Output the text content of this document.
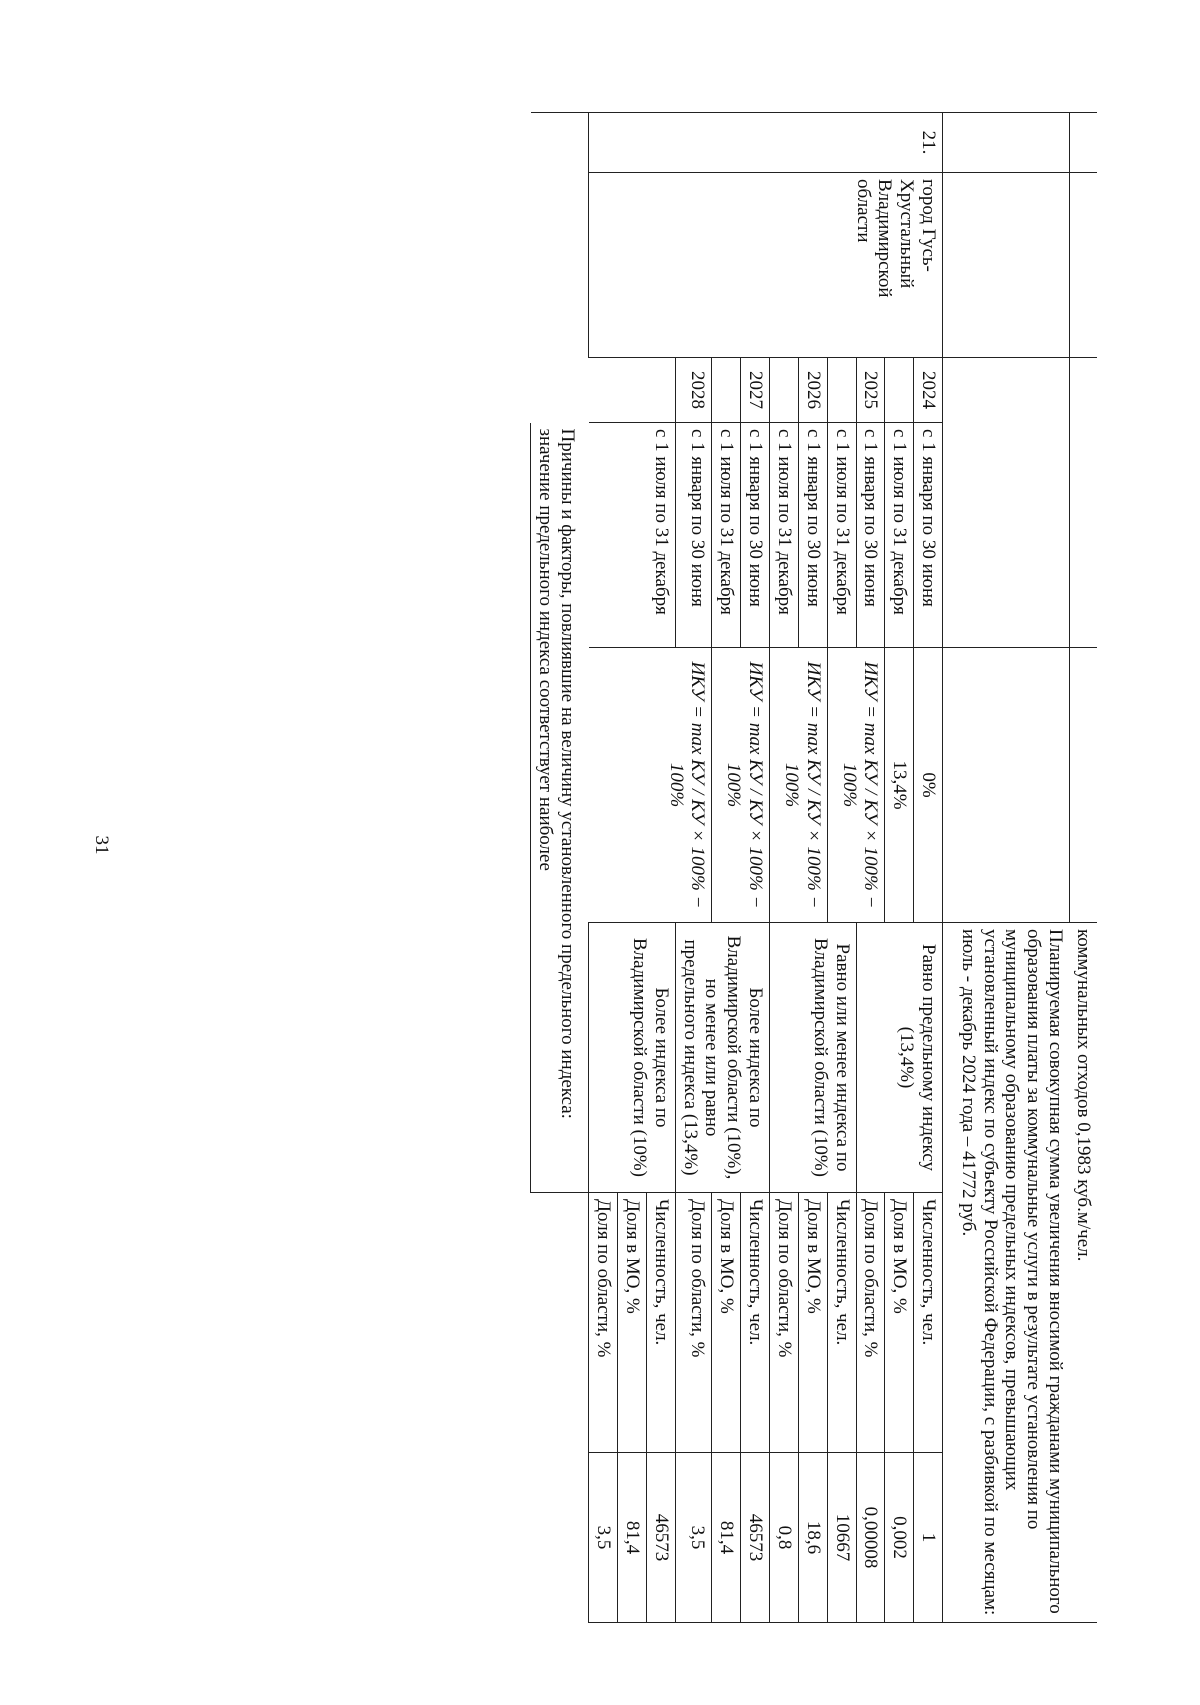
31

					коммунальных отходов 0,1983 куб.м/чел.		

					Планируемая совокупная сумма увеличения вносимой гражданами муниципального образования платы за коммунальные услуги в результате установления по муниципальному образованию предельных индексов, превышающих установленный индекс по субъекту Российской Федерации, с разбивкой по месяцам: июль - декабрь 2024 года – 41772 руб.		

21.	город Гусь-Хрустальный Владимирской области	2024	с 1 января по 30 июня	0%	Равно предельному индексу (13,4%)	Численность, чел.	1
			с 1 июля по 31 декабря	13,4%		Доля в МО, %	0,002
		2025	с 1 января по 30 июня	ИКУ = max КУ / КУ × 100% − 100%		Доля по области, %	0,00008
			с 1 июля по 31 декабря		Равно или менее индекса по Владимирской области (10%)	Численность, чел.	10667
		2026	с 1 января по 30 июня	ИКУ = max КУ / КУ × 100% − 100%		Доля в МО, %	18,6
			с 1 июля по 31 декабря			Доля по области, %	0,8
		2027	с 1 января по 30 июня	ИКУ = max КУ / КУ × 100% − 100%	Более индекса по Владимирской области (10%), но менее или равно предельного индекса (13,4%)	Численность, чел.	46573
			с 1 июля по 31 декабря			Доля в МО, %	81,4
		2028	с 1 января по 30 июня	ИКУ = max КУ / КУ × 100% − 100%		Доля по области, %	3,5
			с 1 июля по 31 декабря		Более индекса по Владимирской области (10%)	Численность, чел.	46573
						Доля в МО, %	81,4
						Доля по области, %	3,5
			Причины и факторы, повлиявшие на величину установленного предельного индекса: значение предельного индекса соответствует наиболее				
